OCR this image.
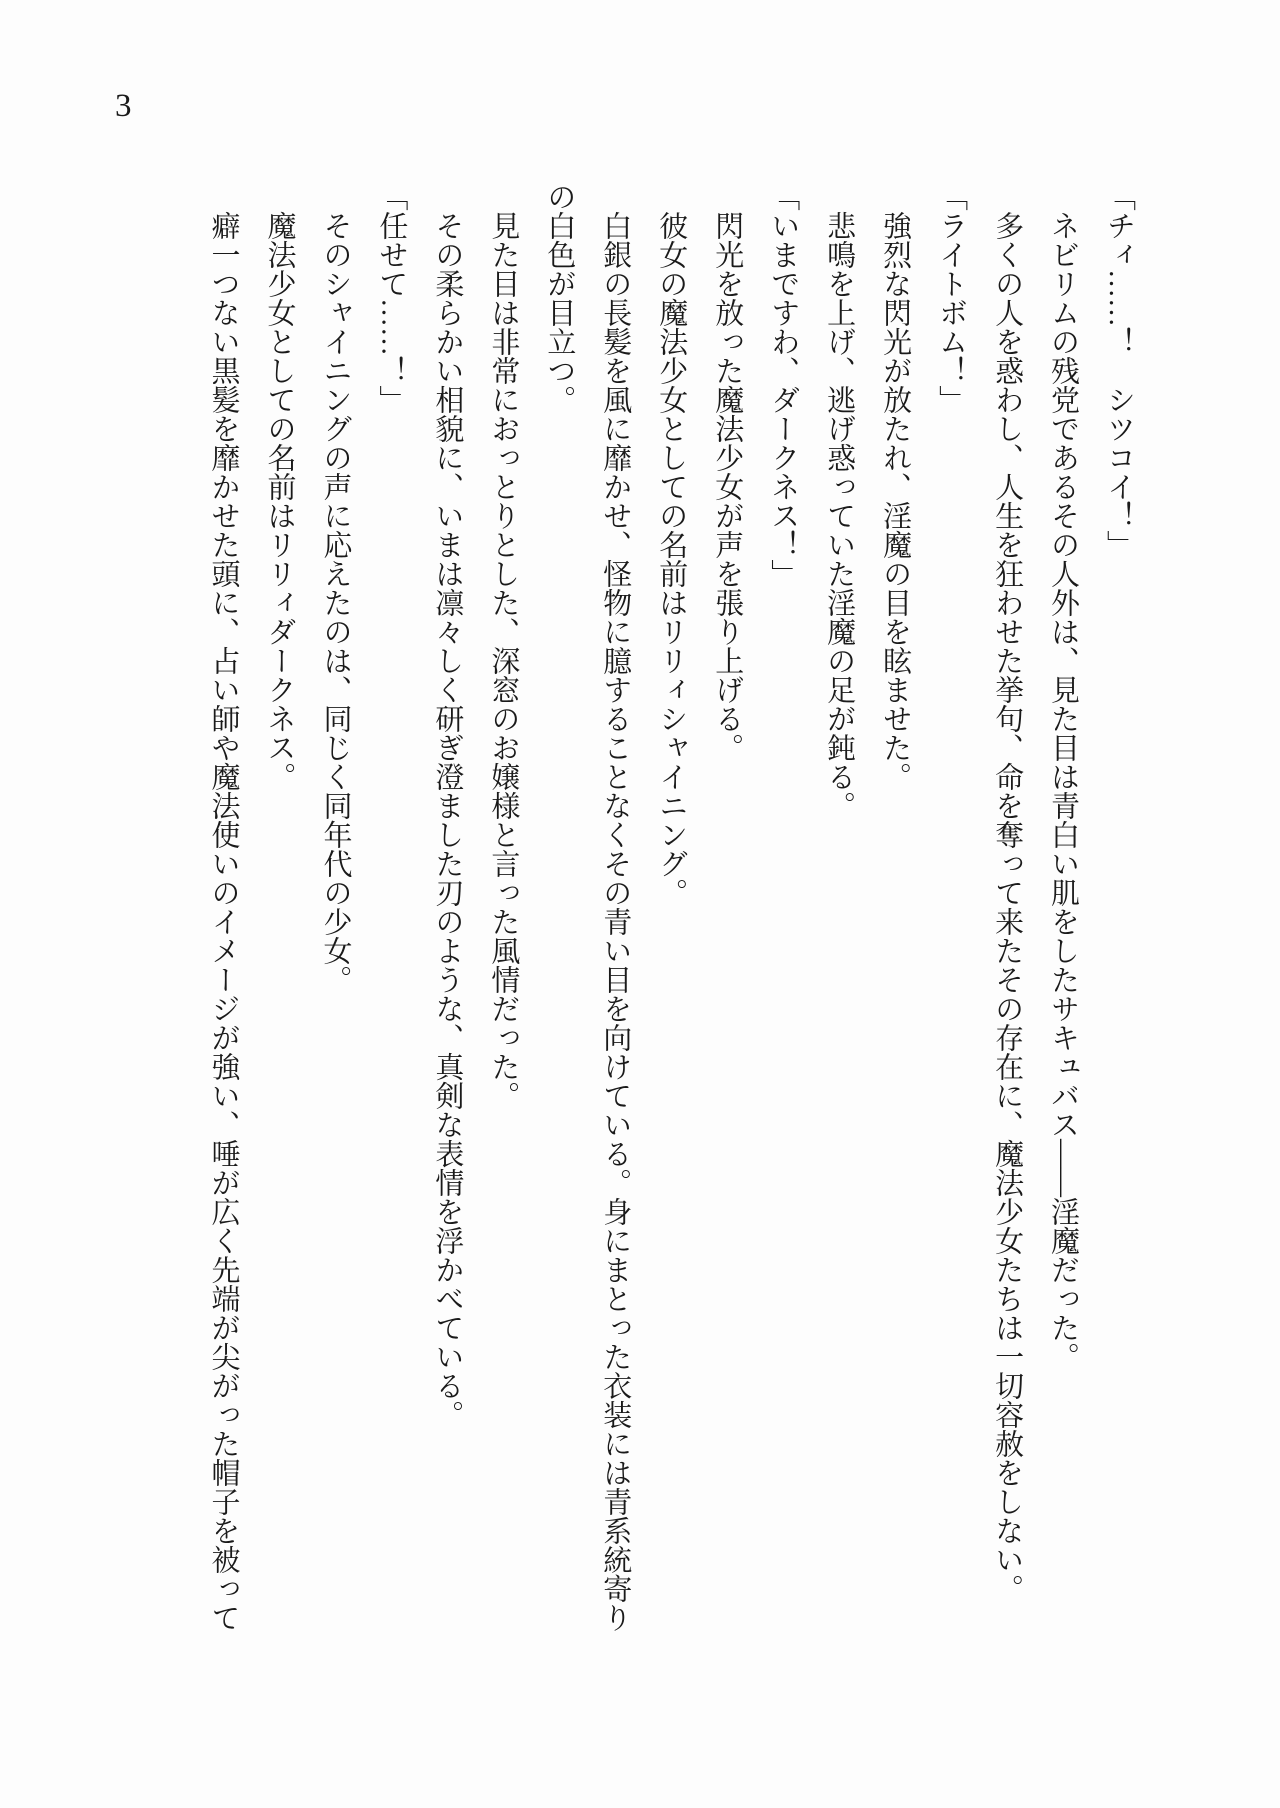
3

「チィ……！　シツコイ！」

ネビリムの残党であるその人外は、見た目は青白い肌をしたサキュバス――淫魔だった。

多くの人を惑わし、人生を狂わせた挙句、命を奪って来たその存在に、魔法少女たちは一切容赦をしない。

「ライトボム！」

強烈な閃光が放たれ、淫魔の目を眩ませた。

悲鳴を上げ、逃げ惑っていた淫魔の足が鈍る。

「いまですわ、ダークネス！」

閃光を放った魔法少女が声を張り上げる。

彼女の魔法少女としての名前はリリィシャイニング。

白銀の長髪を風に靡かせ、怪物に臆することなくその青い目を向けている。身にまとった衣装には青系統寄りの白色が目立つ。

見た目は非常におっとりとした、深窓のお嬢様と言った風情だった。

その柔らかい相貌に、いまは凛々しく研ぎ澄ました刃のような、真剣な表情を浮かべている。

「任せて……！」

そのシャイニングの声に応えたのは、同じく同年代の少女。

魔法少女としての名前はリリィダークネス。

癖一つない黒髪を靡かせた頭に、占い師や魔法使いのイメージが強い、唾が広く先端が尖がった帽子を被って
